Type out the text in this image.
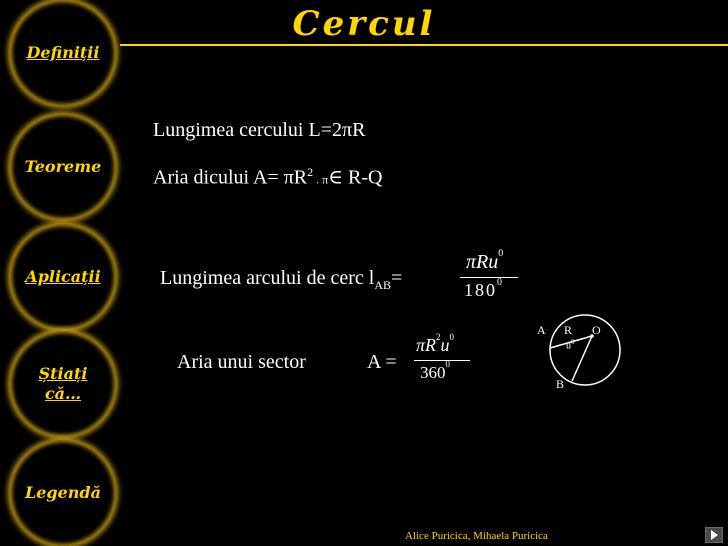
Cercul
Definiții
Teoreme
Aplicații
Știați
că…
Legendă
Lungimea cercului L=2πR
Aria dicului $A= \pi R^2$ . π∈ R-Q
Lungimea arcului de cerc $l_{AB}=$
πRu$^0$
$180^0$
Aria unui sector	A =
$\pi R^2u^0$
$360^0$
A R O
$u^0$
B
Alice Puricica, Mihaela Puricica
